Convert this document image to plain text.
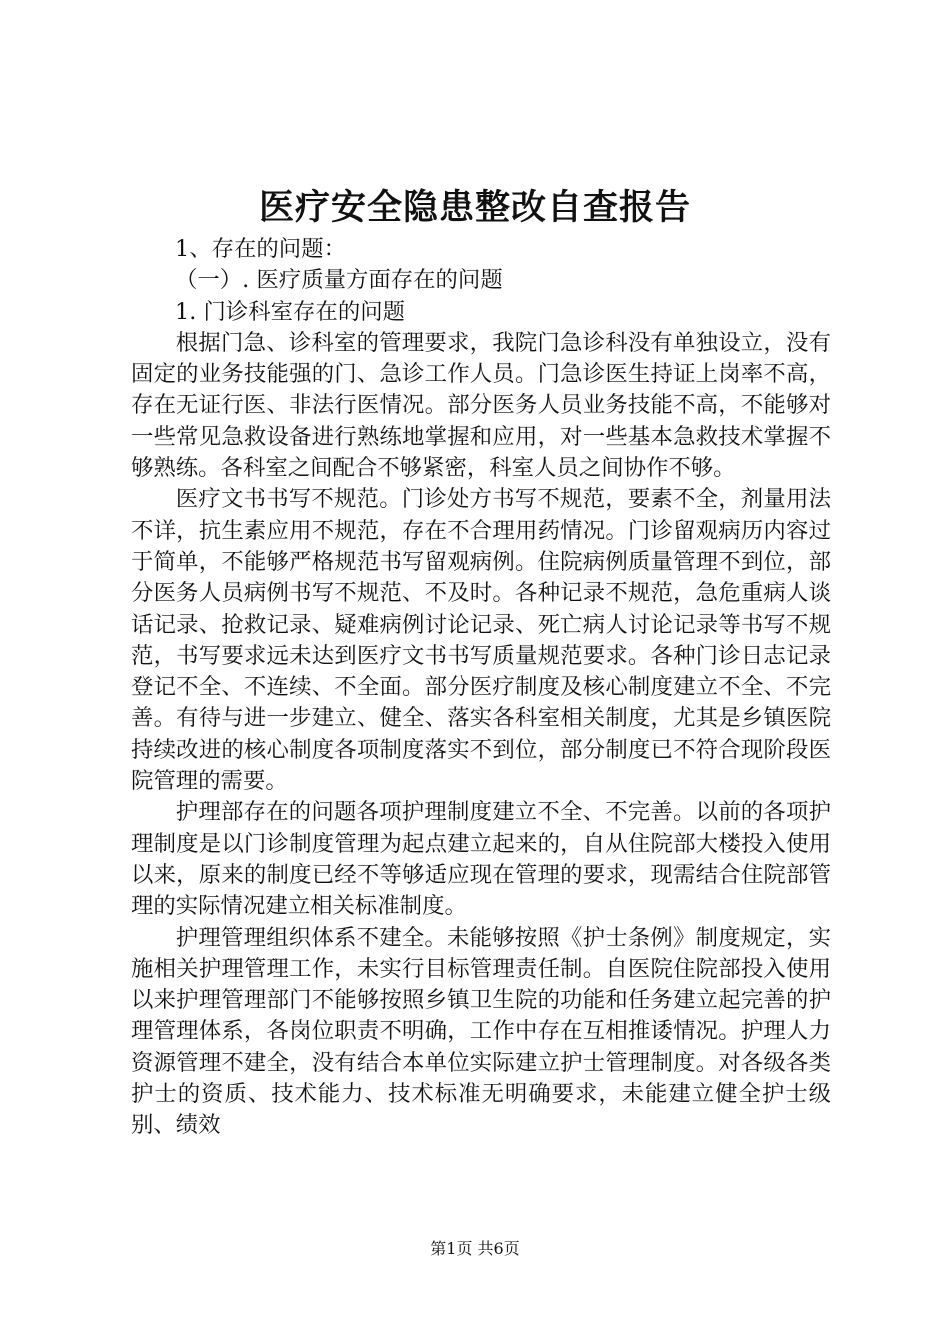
医疗安全隐患整改自查报告

1、存在的问题：

（一）. 医疗质量方面存在的问题

1. 门诊科室存在的问题

根据门急、诊科室的管理要求，我院门急诊科没有单独设立，没有固定的业务技能强的门、急诊工作人员。门急诊医生持证上岗率不高，存在无证行医、非法行医情况。部分医务人员业务技能不高，不能够对一些常见急救设备进行熟练地掌握和应用，对一些基本急救技术掌握不够熟练。各科室之间配合不够紧密，科室人员之间协作不够。

医疗文书书写不规范。门诊处方书写不规范，要素不全，剂量用法不详，抗生素应用不规范，存在不合理用药情况。门诊留观病历内容过于简单，不能够严格规范书写留观病例。住院病例质量管理不到位，部分医务人员病例书写不规范、不及时。各种记录不规范，急危重病人谈话记录、抢救记录、疑难病例讨论记录、死亡病人讨论记录等书写不规范，书写要求远未达到医疗文书书写质量规范要求。各种门诊日志记录登记不全、不连续、不全面。部分医疗制度及核心制度建立不全、不完善。有待与进一步建立、健全、落实各科室相关制度，尤其是乡镇医院持续改进的核心制度各项制度落实不到位，部分制度已不符合现阶段医院管理的需要。

护理部存在的问题各项护理制度建立不全、不完善。以前的各项护理制度是以门诊制度管理为起点建立起来的，自从住院部大楼投入使用以来，原来的制度已经不等够适应现在管理的要求，现需结合住院部管理的实际情况建立相关标准制度。

护理管理组织体系不建全。未能够按照《护士条例》制度规定，实施相关护理管理工作，未实行目标管理责任制。自医院住院部投入使用以来护理管理部门不能够按照乡镇卫生院的功能和任务建立起完善的护理管理体系，各岗位职责不明确，工作中存在互相推诿情况。护理人力资源管理不建全，没有结合本单位实际建立护士管理制度。对各级各类护士的资质、技术能力、技术标准无明确要求，未能建立健全护士级别、绩效

第1页 共6页
